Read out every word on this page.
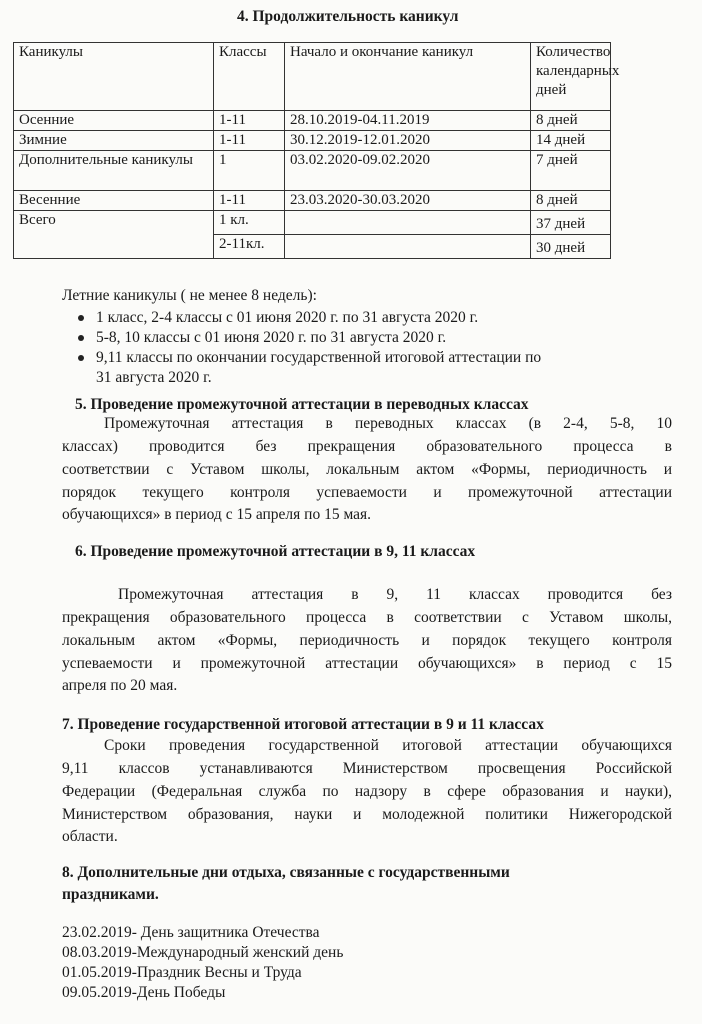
4. Продолжительность каникул
Каникулы	Классы	Начало и окончание каникул	Количество календарных дней
Осенние	1-11	28.10.2019-04.11.2019	8 дней
Зимние	1-11	30.12.2019-12.01.2020	14 дней
Дополнительные каникулы	1	03.02.2020-09.02.2020	7 дней
Весенние	1-11	23.03.2020-30.03.2020	8 дней
Всего	1 кл.		37 дней
	2-11кл.		30 дней
Летние каникулы ( не менее 8 недель):
1 класс, 2-4 классы с 01 июня 2020 г. по 31 августа 2020 г.
5-8, 10 классы с 01 июня 2020 г. по 31 августа 2020 г.
9,11 классы по окончании государственной итоговой аттестации по
31 августа 2020 г.
5. Проведение промежуточной аттестации в переводных классах
Промежуточная аттестация в переводных классах (в 2-4, 5-8, 10
классах) проводится без прекращения образовательного процесса в
соответствии с Уставом школы, локальным актом «Формы, периодичность и
порядок текущего контроля успеваемости и промежуточной аттестации
обучающихся» в период с 15 апреля по 15 мая.
6. Проведение промежуточной аттестации в 9, 11 классах
Промежуточная аттестация в 9, 11 классах проводится без
прекращения образовательного процесса в соответствии с Уставом школы,
локальным актом «Формы, периодичность и порядок текущего контроля
успеваемости и промежуточной аттестации обучающихся» в период с 15
апреля по 20 мая.
7. Проведение государственной итоговой аттестации в 9 и 11 классах
Сроки проведения государственной итоговой аттестации обучающихся
9,11 классов устанавливаются Министерством просвещения Российской
Федерации (Федеральная служба по надзору в сфере образования и науки),
Министерством образования, науки и молодежной политики Нижегородской
области.
8. Дополнительные дни отдыха, связанные с государственными
праздниками.
23.02.2019- День защитника Отечества
08.03.2019-Международный женский день
01.05.2019-Праздник Весны и Труда
09.05.2019-День Победы
